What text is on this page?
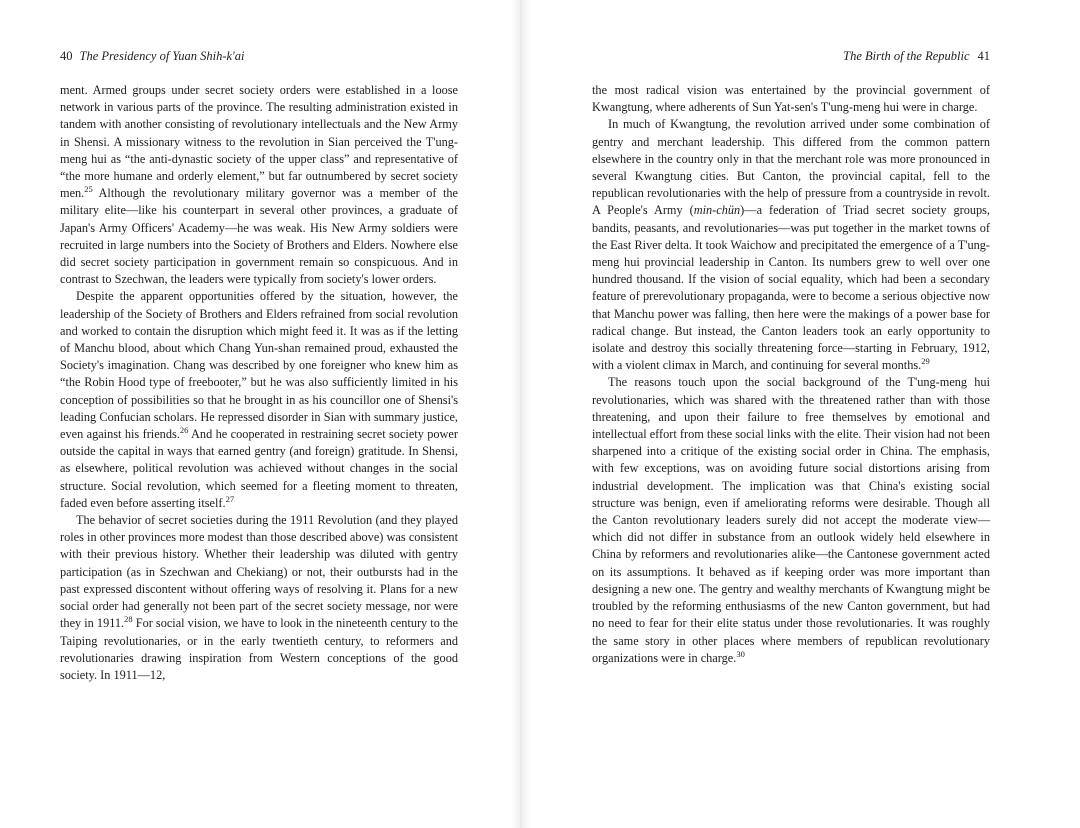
40 The Presidency of Yuan Shih-k'ai

ment. Armed groups under secret society orders were established in a loose network in various parts of the province. The resulting administration existed in tandem with another consisting of revolutionary intellectuals and the New Army in Shensi. A missionary witness to the revolution in Sian perceived the T'ung-meng hui as “the anti-dynastic society of the upper class” and representative of “the more humane and orderly element,” but far outnumbered by secret society men.$^{25}$ Although the revolutionary military governor was a member of the military elite—like his counterpart in several other provinces, a graduate of Japan's Army Officers' Academy—he was weak. His New Army soldiers were recruited in large numbers into the Society of Brothers and Elders. Nowhere else did secret society participation in government remain so conspicuous. And in contrast to Szechwan, the leaders were typically from society's lower orders.

Despite the apparent opportunities offered by the situation, however, the leadership of the Society of Brothers and Elders refrained from social revolution and worked to contain the disruption which might feed it. It was as if the letting of Manchu blood, about which Chang Yun-shan remained proud, exhausted the Society's imagination. Chang was described by one foreigner who knew him as “the Robin Hood type of freebooter,” but he was also sufficiently limited in his conception of possibilities so that he brought in as his councillor one of Shensi's leading Confucian scholars. He repressed disorder in Sian with summary justice, even against his friends.$^{26}$ And he cooperated in restraining secret society power outside the capital in ways that earned gentry (and foreign) gratitude. In Shensi, as elsewhere, political revolution was achieved without changes in the social structure. Social revolution, which seemed for a fleeting moment to threaten, faded even before asserting itself.$^{27}$

The behavior of secret societies during the 1911 Revolution (and they played roles in other provinces more modest than those described above) was consistent with their previous history. Whether their leadership was diluted with gentry participation (as in Szechwan and Chekiang) or not, their outbursts had in the past expressed discontent without offering ways of resolving it. Plans for a new social order had generally not been part of the secret society message, nor were they in 1911.28 For social vision, we have to look in the nineteenth century to the Taiping revolutionaries, or in the early twentieth century, to reformers and revolutionaries drawing inspiration from Western conceptions of the good society. In 1911—12,

The Birth of the Republic 41

the most radical vision was entertained by the provincial government of Kwangtung, where adherents of Sun Yat-sen's T'ung-meng hui were in charge.

In much of Kwangtung, the revolution arrived under some combination of gentry and merchant leadership. This differed from the common pattern elsewhere in the country only in that the merchant role was more pronounced in several Kwangtung cities. But Canton, the provincial capital, fell to the republican revolutionaries with the help of pressure from a countryside in revolt. A People's Army (min-chün)—a federation of Triad secret society groups, bandits, peasants, and revolutionaries—was put together in the market towns of the East River delta. It took Waichow and precipitated the emergence of a T'ung-meng hui provincial leadership in Canton. Its numbers grew to well over one hundred thousand. If the vision of social equality, which had been a secondary feature of prerevolutionary propaganda, were to become a serious objective now that Manchu power was falling, then here were the makings of a power base for radical change. But instead, the Canton leaders took an early opportunity to isolate and destroy this socially threatening force—starting in February, 1912, with a violent climax in March, and continuing for several months.$^{29}$

The reasons touch upon the social background of the T'ung-meng hui revolutionaries, which was shared with the threatened rather than with those threatening, and upon their failure to free themselves by emotional and intellectual effort from these social links with the elite. Their vision had not been sharpened into a critique of the existing social order in China. The emphasis, with few exceptions, was on avoiding future social distortions arising from industrial development. The implication was that China's existing social structure was benign, even if ameliorating reforms were desirable. Though all the Canton revolutionary leaders surely did not accept the moderate view—which did not differ in substance from an outlook widely held elsewhere in China by reformers and revolutionaries alike—the Cantonese government acted on its assumptions. It behaved as if keeping order was more important than designing a new one. The gentry and wealthy merchants of Kwangtung might be troubled by the reforming enthusiasms of the new Canton government, but had no need to fear for their elite status under those revolutionaries. It was roughly the same story in other places where members of republican revolutionary organizations were in charge.$^{30}$
